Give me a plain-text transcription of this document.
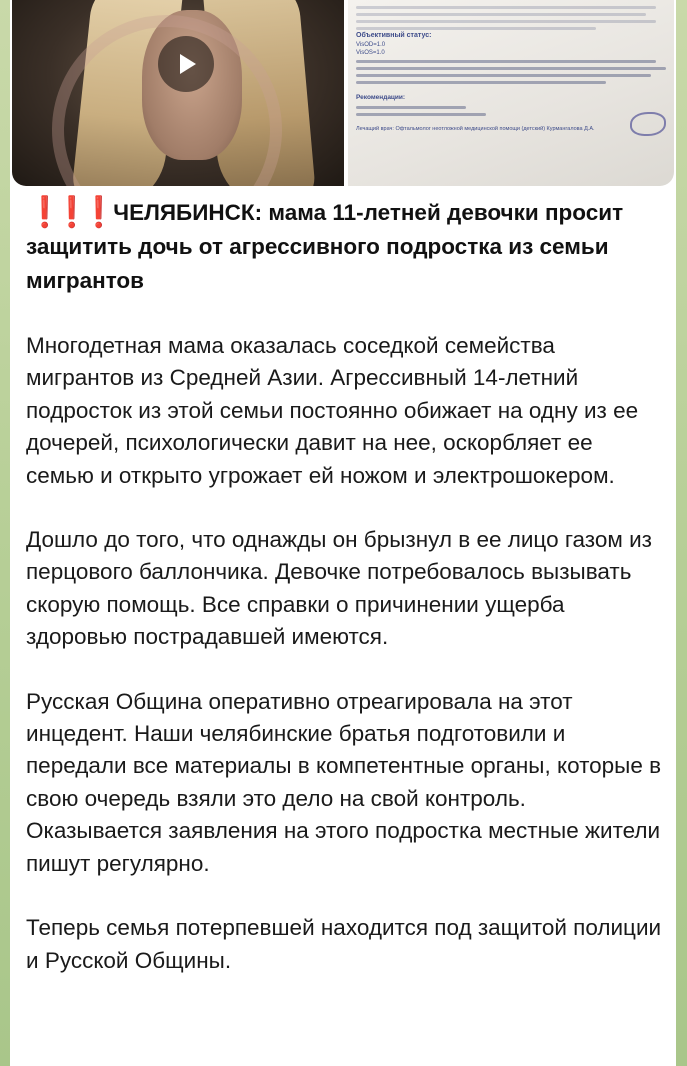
Объективный статус:
VisOD=1.0
VisOS=1.0
Рекомендации:
Лечащий врач: Офтальмолог неотложной медицинской помощи (детский) Курмангалова Д.А.
❗❗❗ ЧЕЛЯБИНСК: мама 11-летней девочки просит защитить дочь от агрессивного подростка из семьи мигрантов

Многодетная мама оказалась соседкой семейства мигрантов из Средней Азии. Агрессивный 14-летний подросток из этой семьи постоянно обижает на одну из ее дочерей, психологически давит на нее, оскорбляет ее семью и открыто угрожает ей ножом и электрошокером.

Дошло до того, что однажды он брызнул в ее лицо газом из перцового баллончика. Девочке потребовалось вызывать скорую помощь. Все справки о причинении ущерба здоровью пострадавшей имеются.

Русская Община оперативно отреагировала на этот инцедент. Наши челябинские братья подготовили и передали все материалы в компетентные органы, которые в свою очередь взяли это дело на свой контроль. Оказывается заявления на этого подростка местные жители пишут регулярно.

Теперь семья потерпевшей находится под защитой полиции и Русской Общины.
